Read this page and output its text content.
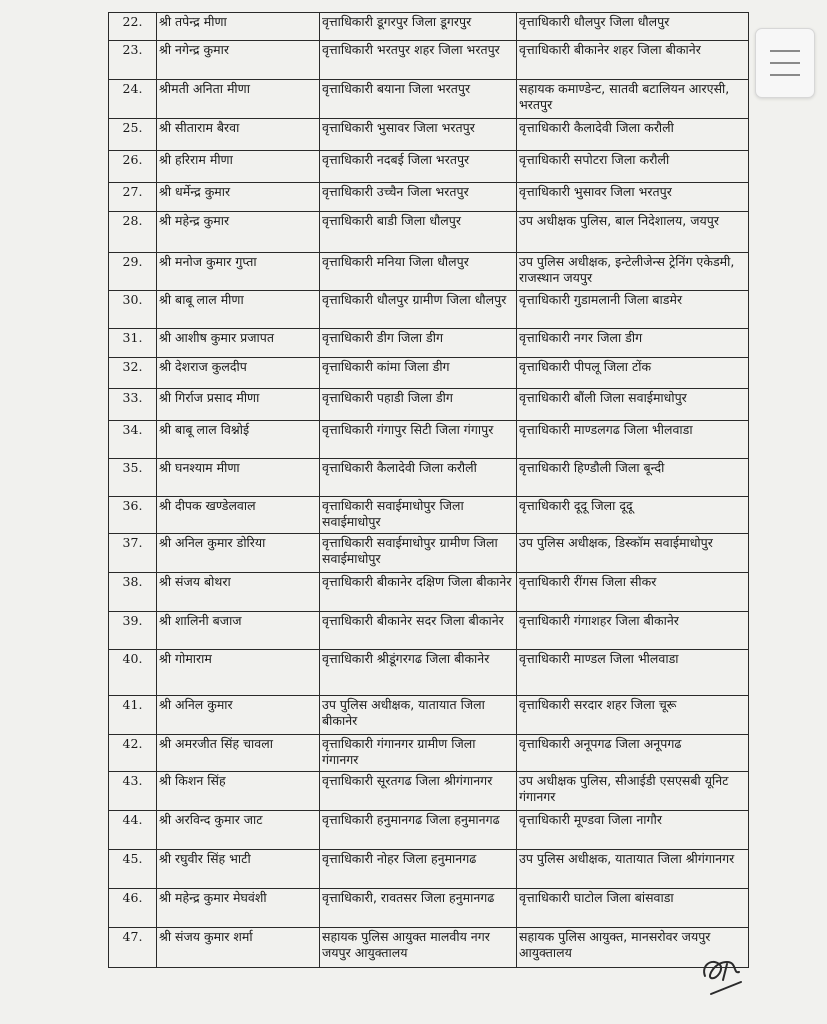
22.	श्री तपेन्द्र मीणा	वृत्ताधिकारी डूगरपुर जिला डूगरपुर	वृत्ताधिकारी धौलपुर जिला धौलपुर
23.	श्री नगेन्द्र कुमार	वृत्ताधिकारी भरतपुर शहर जिला भरतपुर	वृत्ताधिकारी बीकानेर शहर जिला बीकानेर
24.	श्रीमती अनिता मीणा	वृत्ताधिकारी बयाना जिला भरतपुर	सहायक कमाण्डेन्ट, सातवी बटालियन आरएसी, भरतपुर
25.	श्री सीताराम बैरवा	वृत्ताधिकारी भुसावर जिला भरतपुर	वृत्ताधिकारी कैलादेवी जिला करौली
26.	श्री हरिराम मीणा	वृत्ताधिकारी नदबई जिला भरतपुर	वृत्ताधिकारी सपोटरा जिला करौली
27.	श्री धर्मेन्द्र कुमार	वृत्ताधिकारी उच्चैन जिला भरतपुर	वृत्ताधिकारी भुसावर जिला भरतपुर
28.	श्री महेन्द्र कुमार	वृत्ताधिकारी बाडी जिला धौलपुर	उप अधीक्षक पुलिस, बाल निदेशालय, जयपुर
29.	श्री मनोज कुमार गुप्ता	वृत्ताधिकारी मनिया जिला धौलपुर	उप पुलिस अधीक्षक, इन्टेलीजेन्स ट्रेनिंग एकेडमी, राजस्थान जयपुर
30.	श्री बाबू लाल मीणा	वृत्ताधिकारी धौलपुर ग्रामीण जिला धौलपुर	वृत्ताधिकारी गुडामलानी जिला बाडमेर
31.	श्री आशीष कुमार प्रजापत	वृत्ताधिकारी डीग जिला डीग	वृत्ताधिकारी नगर जिला डीग
32.	श्री देशराज कुलदीप	वृत्ताधिकारी कांमा जिला डीग	वृत्ताधिकारी पीपलू जिला टोंक
33.	श्री गिर्राज प्रसाद मीणा	वृत्ताधिकारी पहाडी जिला डीग	वृत्ताधिकारी बौंली जिला सवाईमाधोपुर
34.	श्री बाबू लाल विश्नोई	वृत्ताधिकारी गंगापुर सिटी जिला गंगापुर	वृत्ताधिकारी माण्डलगढ जिला भीलवाडा
35.	श्री घनश्याम मीणा	वृत्ताधिकारी कैलादेवी जिला करौली	वृत्ताधिकारी हिण्डौली जिला बून्दी
36.	श्री दीपक खण्डेलवाल	वृत्ताधिकारी सवाईमाधोपुर जिला सवाईमाधोपुर	वृत्ताधिकारी दूदू जिला दूदू
37.	श्री अनिल कुमार डोरिया	वृत्ताधिकारी सवाईमाधोपुर ग्रामीण जिला सवाईमाधोपुर	उप पुलिस अधीक्षक, डिस्कॉम सवाईमाधोपुर
38.	श्री संजय बोथरा	वृत्ताधिकारी बीकानेर दक्षिण जिला बीकानेर	वृत्ताधिकारी रींगस जिला सीकर
39.	श्री शालिनी बजाज	वृत्ताधिकारी बीकानेर सदर जिला बीकानेर	वृत्ताधिकारी गंगाशहर जिला बीकानेर
40.	श्री गोमाराम	वृत्ताधिकारी श्रीडूंगरगढ जिला बीकानेर	वृत्ताधिकारी माण्डल जिला भीलवाडा
41.	श्री अनिल कुमार	उप पुलिस अधीक्षक, यातायात जिला बीकानेर	वृत्ताधिकारी सरदार शहर जिला चूरू
42.	श्री अमरजीत सिंह चावला	वृत्ताधिकारी गंगानगर ग्रामीण जिला गंगानगर	वृत्ताधिकारी अनूपगढ जिला अनूपगढ
43.	श्री किशन सिंह	वृत्ताधिकारी सूरतगढ जिला श्रीगंगानगर	उप अधीक्षक पुलिस, सीआईडी एसएसबी यूनिट गंगानगर
44.	श्री अरविन्द कुमार जाट	वृत्ताधिकारी हनुमानगढ जिला हनुमानगढ	वृत्ताधिकारी मूण्डवा जिला नागौर
45.	श्री रघुवीर सिंह भाटी	वृत्ताधिकारी नोहर जिला हनुमानगढ	उप पुलिस अधीक्षक, यातायात जिला श्रीगंगानगर
46.	श्री महेन्द्र कुमार मेघवंशी	वृत्ताधिकारी, रावतसर जिला हनुमानगढ	वृत्ताधिकारी घाटोल जिला बांसवाडा
47.	श्री संजय कुमार शर्मा	सहायक पुलिस आयुक्त मालवीय नगर जयपुर आयुक्तालय	सहायक पुलिस आयुक्त, मानसरोवर जयपुर आयुक्तालय
